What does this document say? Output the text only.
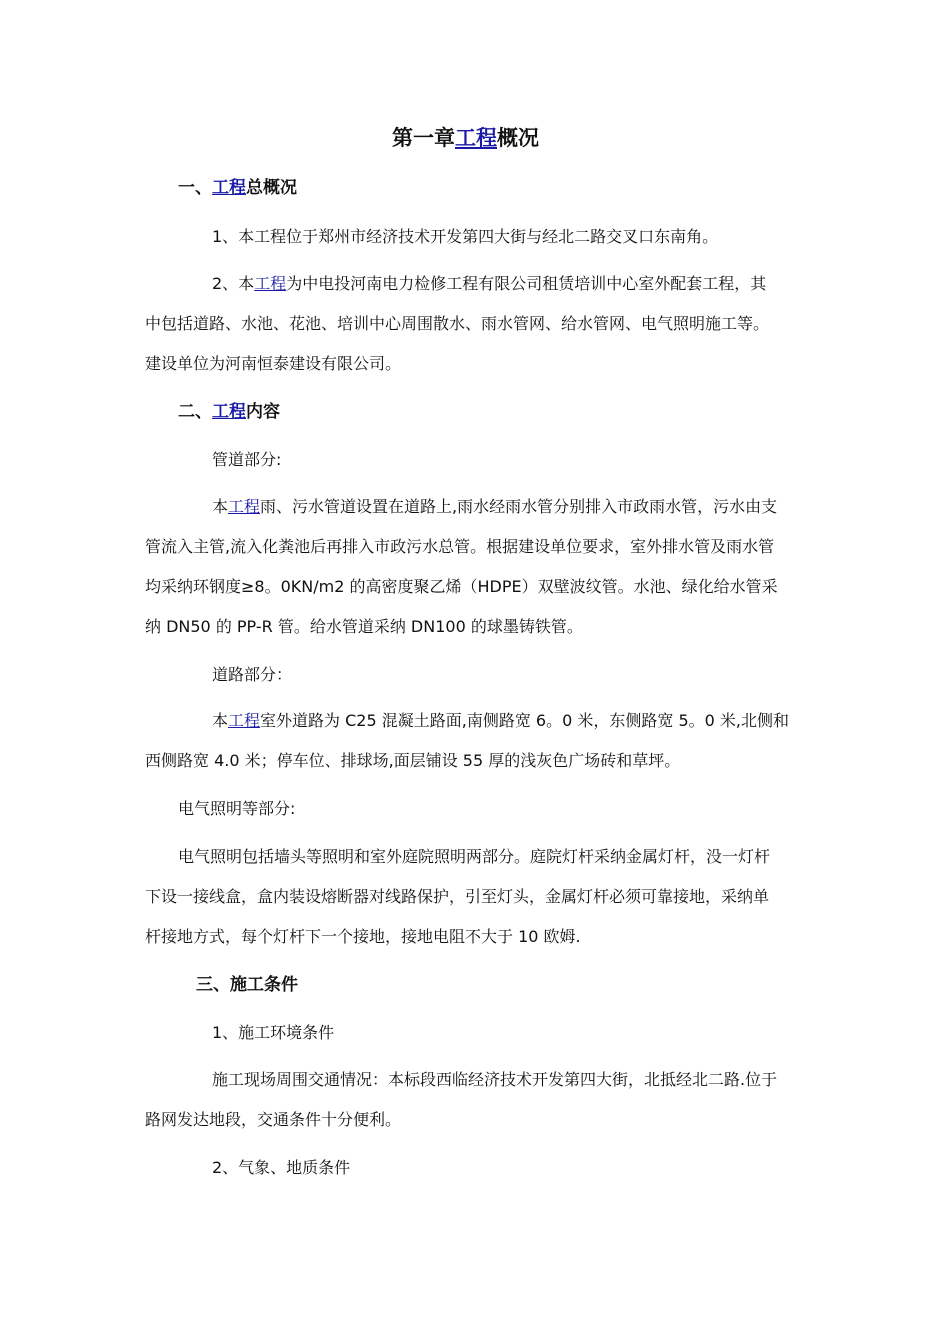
第一章工程概况
一、工程总概况
1、本工程位于郑州市经济技术开发第四大街与经北二路交叉口东南角。
2、本工程为中电投河南电力检修工程有限公司租赁培训中心室外配套工程，其
中包括道路、水池、花池、培训中心周围散水、雨水管网、给水管网、电气照明施工等。
建设单位为河南恒泰建设有限公司。
二、工程内容
管道部分:
本工程雨、污水管道设置在道路上,雨水经雨水管分别排入市政雨水管，污水由支
管流入主管,流入化粪池后再排入市政污水总管。根据建设单位要求，室外排水管及雨水管
均采纳环钢度≥8。0KN/m2 的高密度聚乙烯（HDPE）双壁波纹管。水池、绿化给水管采
纳 DN50 的 PP-R 管。给水管道采纳 DN100 的球墨铸铁管。
道路部分：
本工程室外道路为 C25 混凝土路面,南侧路宽 6。0 米，东侧路宽 5。0 米,北侧和
西侧路宽 4.0 米；停车位、排球场,面层铺设 55 厚的浅灰色广场砖和草坪。
电气照明等部分:
电气照明包括墙头等照明和室外庭院照明两部分。庭院灯杆采纳金属灯杆，没一灯杆
下设一接线盒，盒内装设熔断器对线路保护，引至灯头，金属灯杆必须可靠接地，采纳单
杆接地方式，每个灯杆下一个接地，接地电阻不大于 10 欧姆.
三、施工条件
1、施工环境条件
施工现场周围交通情况：本标段西临经济技术开发第四大街，北抵经北二路.位于
路网发达地段，交通条件十分便利。
2、气象、地质条件
